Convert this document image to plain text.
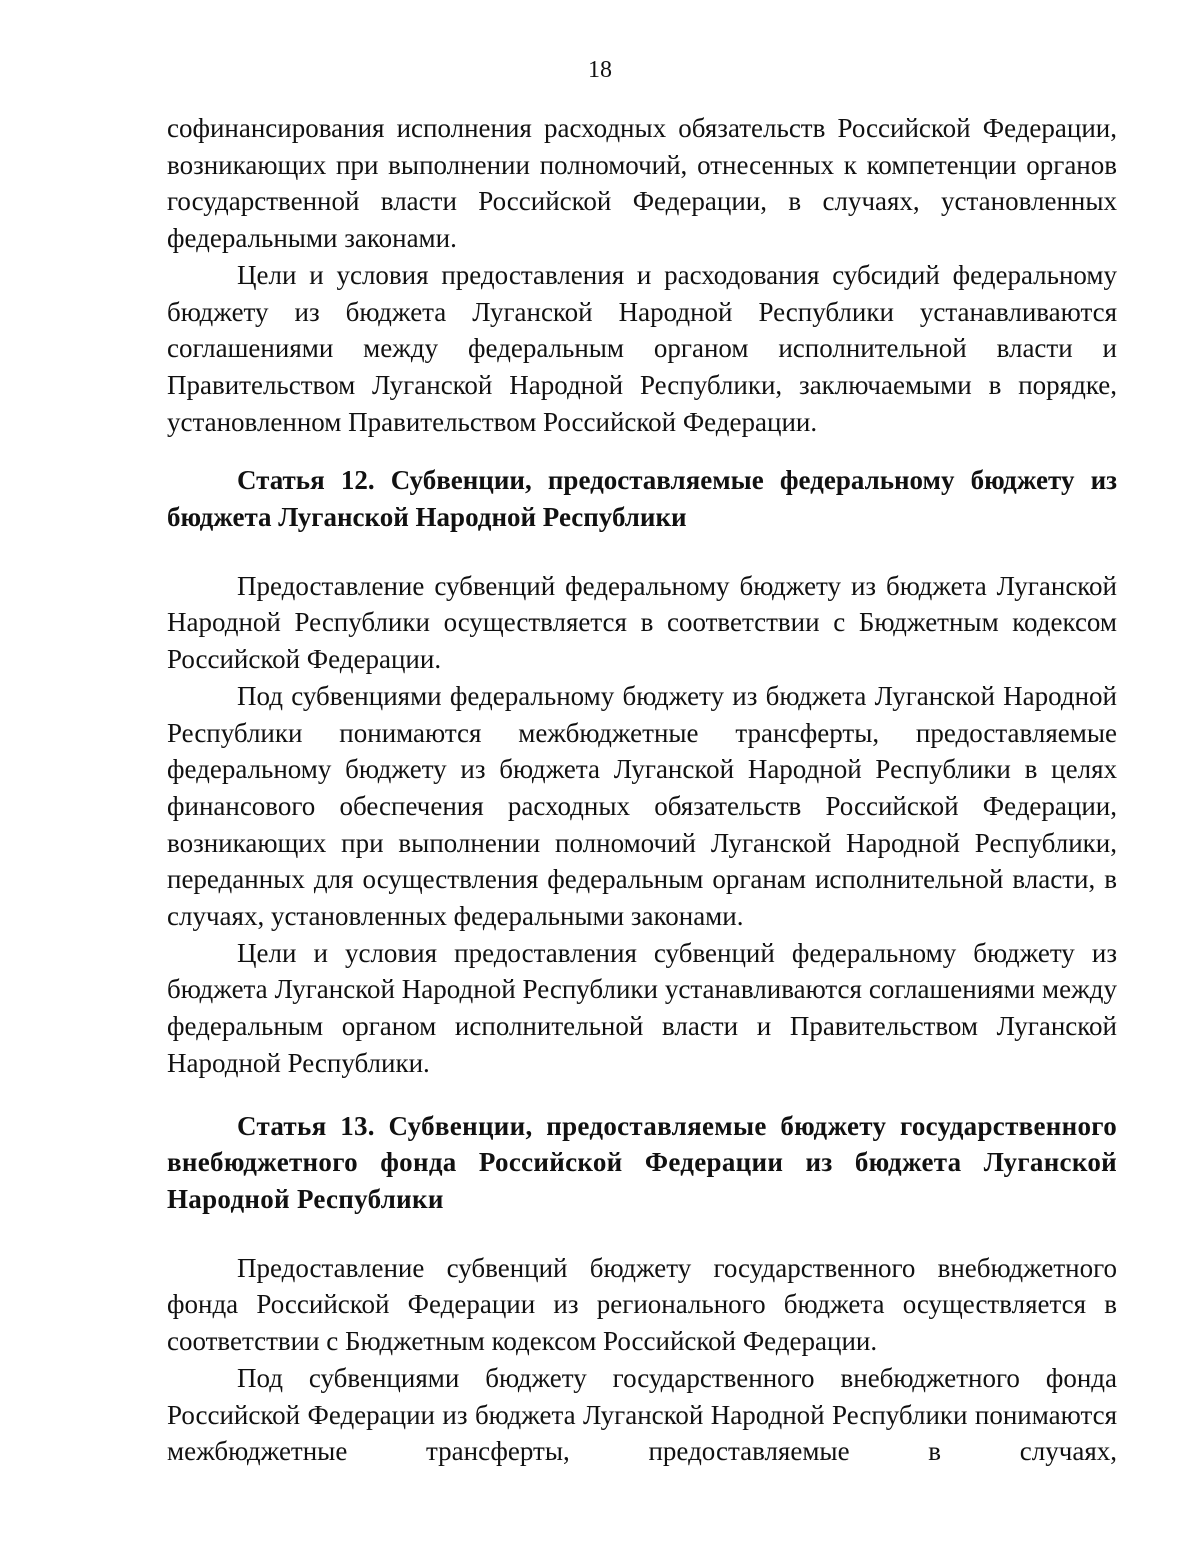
18

софинансирования исполнения расходных обязательств Российской Федерации, возникающих при выполнении полномочий, отнесенных к компетенции органов государственной власти Российской Федерации, в случаях, установленных федеральными законами.

Цели и условия предоставления и расходования субсидий федеральному бюджету из бюджета Луганской Народной Республики устанавливаются соглашениями между федеральным органом исполнительной власти и Правительством Луганской Народной Республики, заключаемыми в порядке, установленном Правительством Российской Федерации.

Статья 12. Субвенции, предоставляемые федеральному бюджету из бюджета Луганской Народной Республики

Предоставление субвенций федеральному бюджету из бюджета Луганской Народной Республики осуществляется в соответствии с Бюджетным кодексом Российской Федерации.

Под субвенциями федеральному бюджету из бюджета Луганской Народной Республики понимаются межбюджетные трансферты, предоставляемые федеральному бюджету из бюджета Луганской Народной Республики в целях финансового обеспечения расходных обязательств Российской Федерации, возникающих при выполнении полномочий Луганской Народной Республики, переданных для осуществления федеральным органам исполнительной власти, в случаях, установленных федеральными законами.

Цели и условия предоставления субвенций федеральному бюджету из бюджета Луганской Народной Республики устанавливаются соглашениями между федеральным органом исполнительной власти и Правительством Луганской Народной Республики.

Статья 13. Субвенции, предоставляемые бюджету государственного внебюджетного фонда Российской Федерации из бюджета Луганской Народной Республики

Предоставление субвенций бюджету государственного внебюджетного фонда Российской Федерации из регионального бюджета осуществляется в соответствии с Бюджетным кодексом Российской Федерации.

Под субвенциями бюджету государственного внебюджетного фонда Российской Федерации из бюджета Луганской Народной Республики понимаются межбюджетные трансферты, предоставляемые в случаях,
